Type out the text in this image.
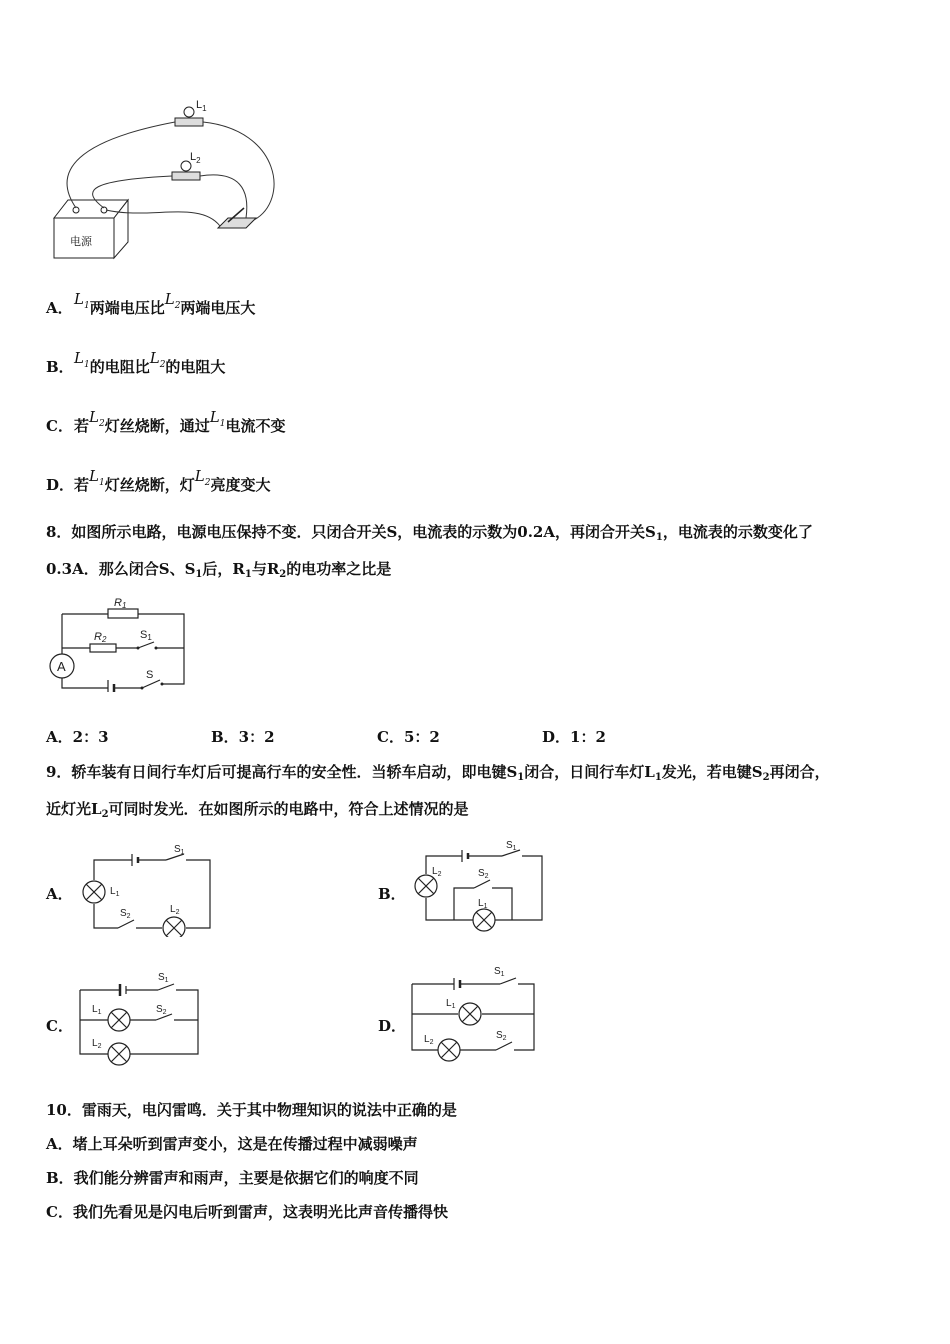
电源
$L_1$
$L_2$
A．$L_1$两端电压比$L_2$两端电压大
B．$L_1$的电阻比$L_2$的电阻大
C．若$L_2$灯丝烧断，通过$L_1$电流不变
D．若$L_1$灯丝烧断，灯$L_2$亮度变大
8．如图所示电路，电源电压保持不变．只闭合开关S，电流表的示数为0.2A，再闭合开关$S_1$，电流表的示数变化了
0.3A．那么闭合S、$S_1$后，$R_1$与$R_2$的电功率之比是
A
R1
R2	S1
S
A．2：3	B．3：2	C．5：2	D．1：2
9．轿车装有日间行车灯后可提高行车的安全性．当轿车启动，即电键$S_1$闭合，日间行车灯$L_1$发光，若电键$S_2$再闭合，
近灯光$L_2$可同时发光．在如图所示的电路中，符合上述情况的是
A．
$S_1$
$L_1$
$S_2$
$L_2$
B．
$S_1$
$L_2$	$S_2$
$L_1$
C．
$S_1$
$L_1$	$S_2$
$L_2$
D．
$S_1$
$L_1$
$S_2$
$L_2$
10．雷雨天，电闪雷鸣．关于其中物理知识的说法中正确的是
A．堵上耳朵听到雷声变小，这是在传播过程中减弱噪声
B．我们能分辨雷声和雨声，主要是依据它们的响度不同
C．我们先看见是闪电后听到雷声，这表明光比声音传播得快
